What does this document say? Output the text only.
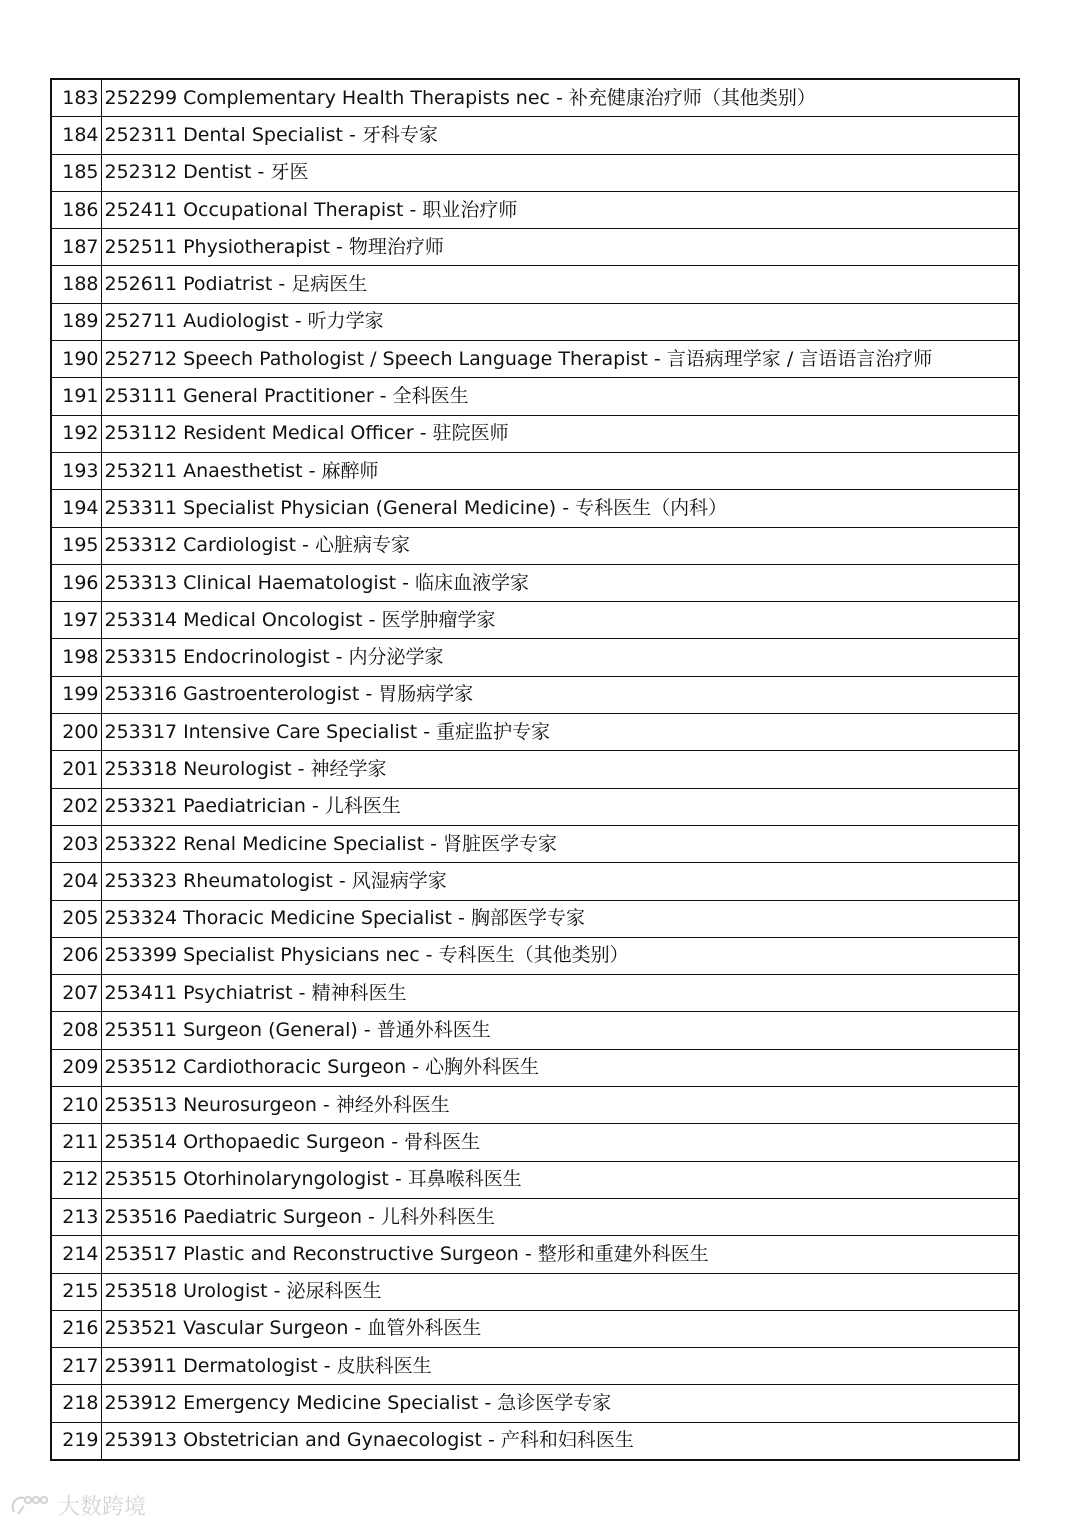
183	252299 Complementary Health Therapists nec - 补充健康治疗师（其他类别）
184	252311 Dental Specialist - 牙科专家
185	252312 Dentist - 牙医
186	252411 Occupational Therapist - 职业治疗师
187	252511 Physiotherapist - 物理治疗师
188	252611 Podiatrist - 足病医生
189	252711 Audiologist - 听力学家
190	252712 Speech Pathologist / Speech Language Therapist - 言语病理学家 / 言语语言治疗师
191	253111 General Practitioner - 全科医生
192	253112 Resident Medical Officer - 驻院医师
193	253211 Anaesthetist - 麻醉师
194	253311 Specialist Physician (General Medicine) - 专科医生（内科）
195	253312 Cardiologist - 心脏病专家
196	253313 Clinical Haematologist - 临床血液学家
197	253314 Medical Oncologist - 医学肿瘤学家
198	253315 Endocrinologist - 内分泌学家
199	253316 Gastroenterologist - 胃肠病学家
200	253317 Intensive Care Specialist - 重症监护专家
201	253318 Neurologist - 神经学家
202	253321 Paediatrician - 儿科医生
203	253322 Renal Medicine Specialist - 肾脏医学专家
204	253323 Rheumatologist - 风湿病学家
205	253324 Thoracic Medicine Specialist - 胸部医学专家
206	253399 Specialist Physicians nec - 专科医生（其他类别）
207	253411 Psychiatrist - 精神科医生
208	253511 Surgeon (General) - 普通外科医生
209	253512 Cardiothoracic Surgeon - 心胸外科医生
210	253513 Neurosurgeon - 神经外科医生
211	253514 Orthopaedic Surgeon - 骨科医生
212	253515 Otorhinolaryngologist - 耳鼻喉科医生
213	253516 Paediatric Surgeon - 儿科外科医生
214	253517 Plastic and Reconstructive Surgeon - 整形和重建外科医生
215	253518 Urologist - 泌尿科医生
216	253521 Vascular Surgeon - 血管外科医生
217	253911 Dermatologist - 皮肤科医生
218	253912 Emergency Medicine Specialist - 急诊医学专家
219	253913 Obstetrician and Gynaecologist - 产科和妇科医生
大数跨境
